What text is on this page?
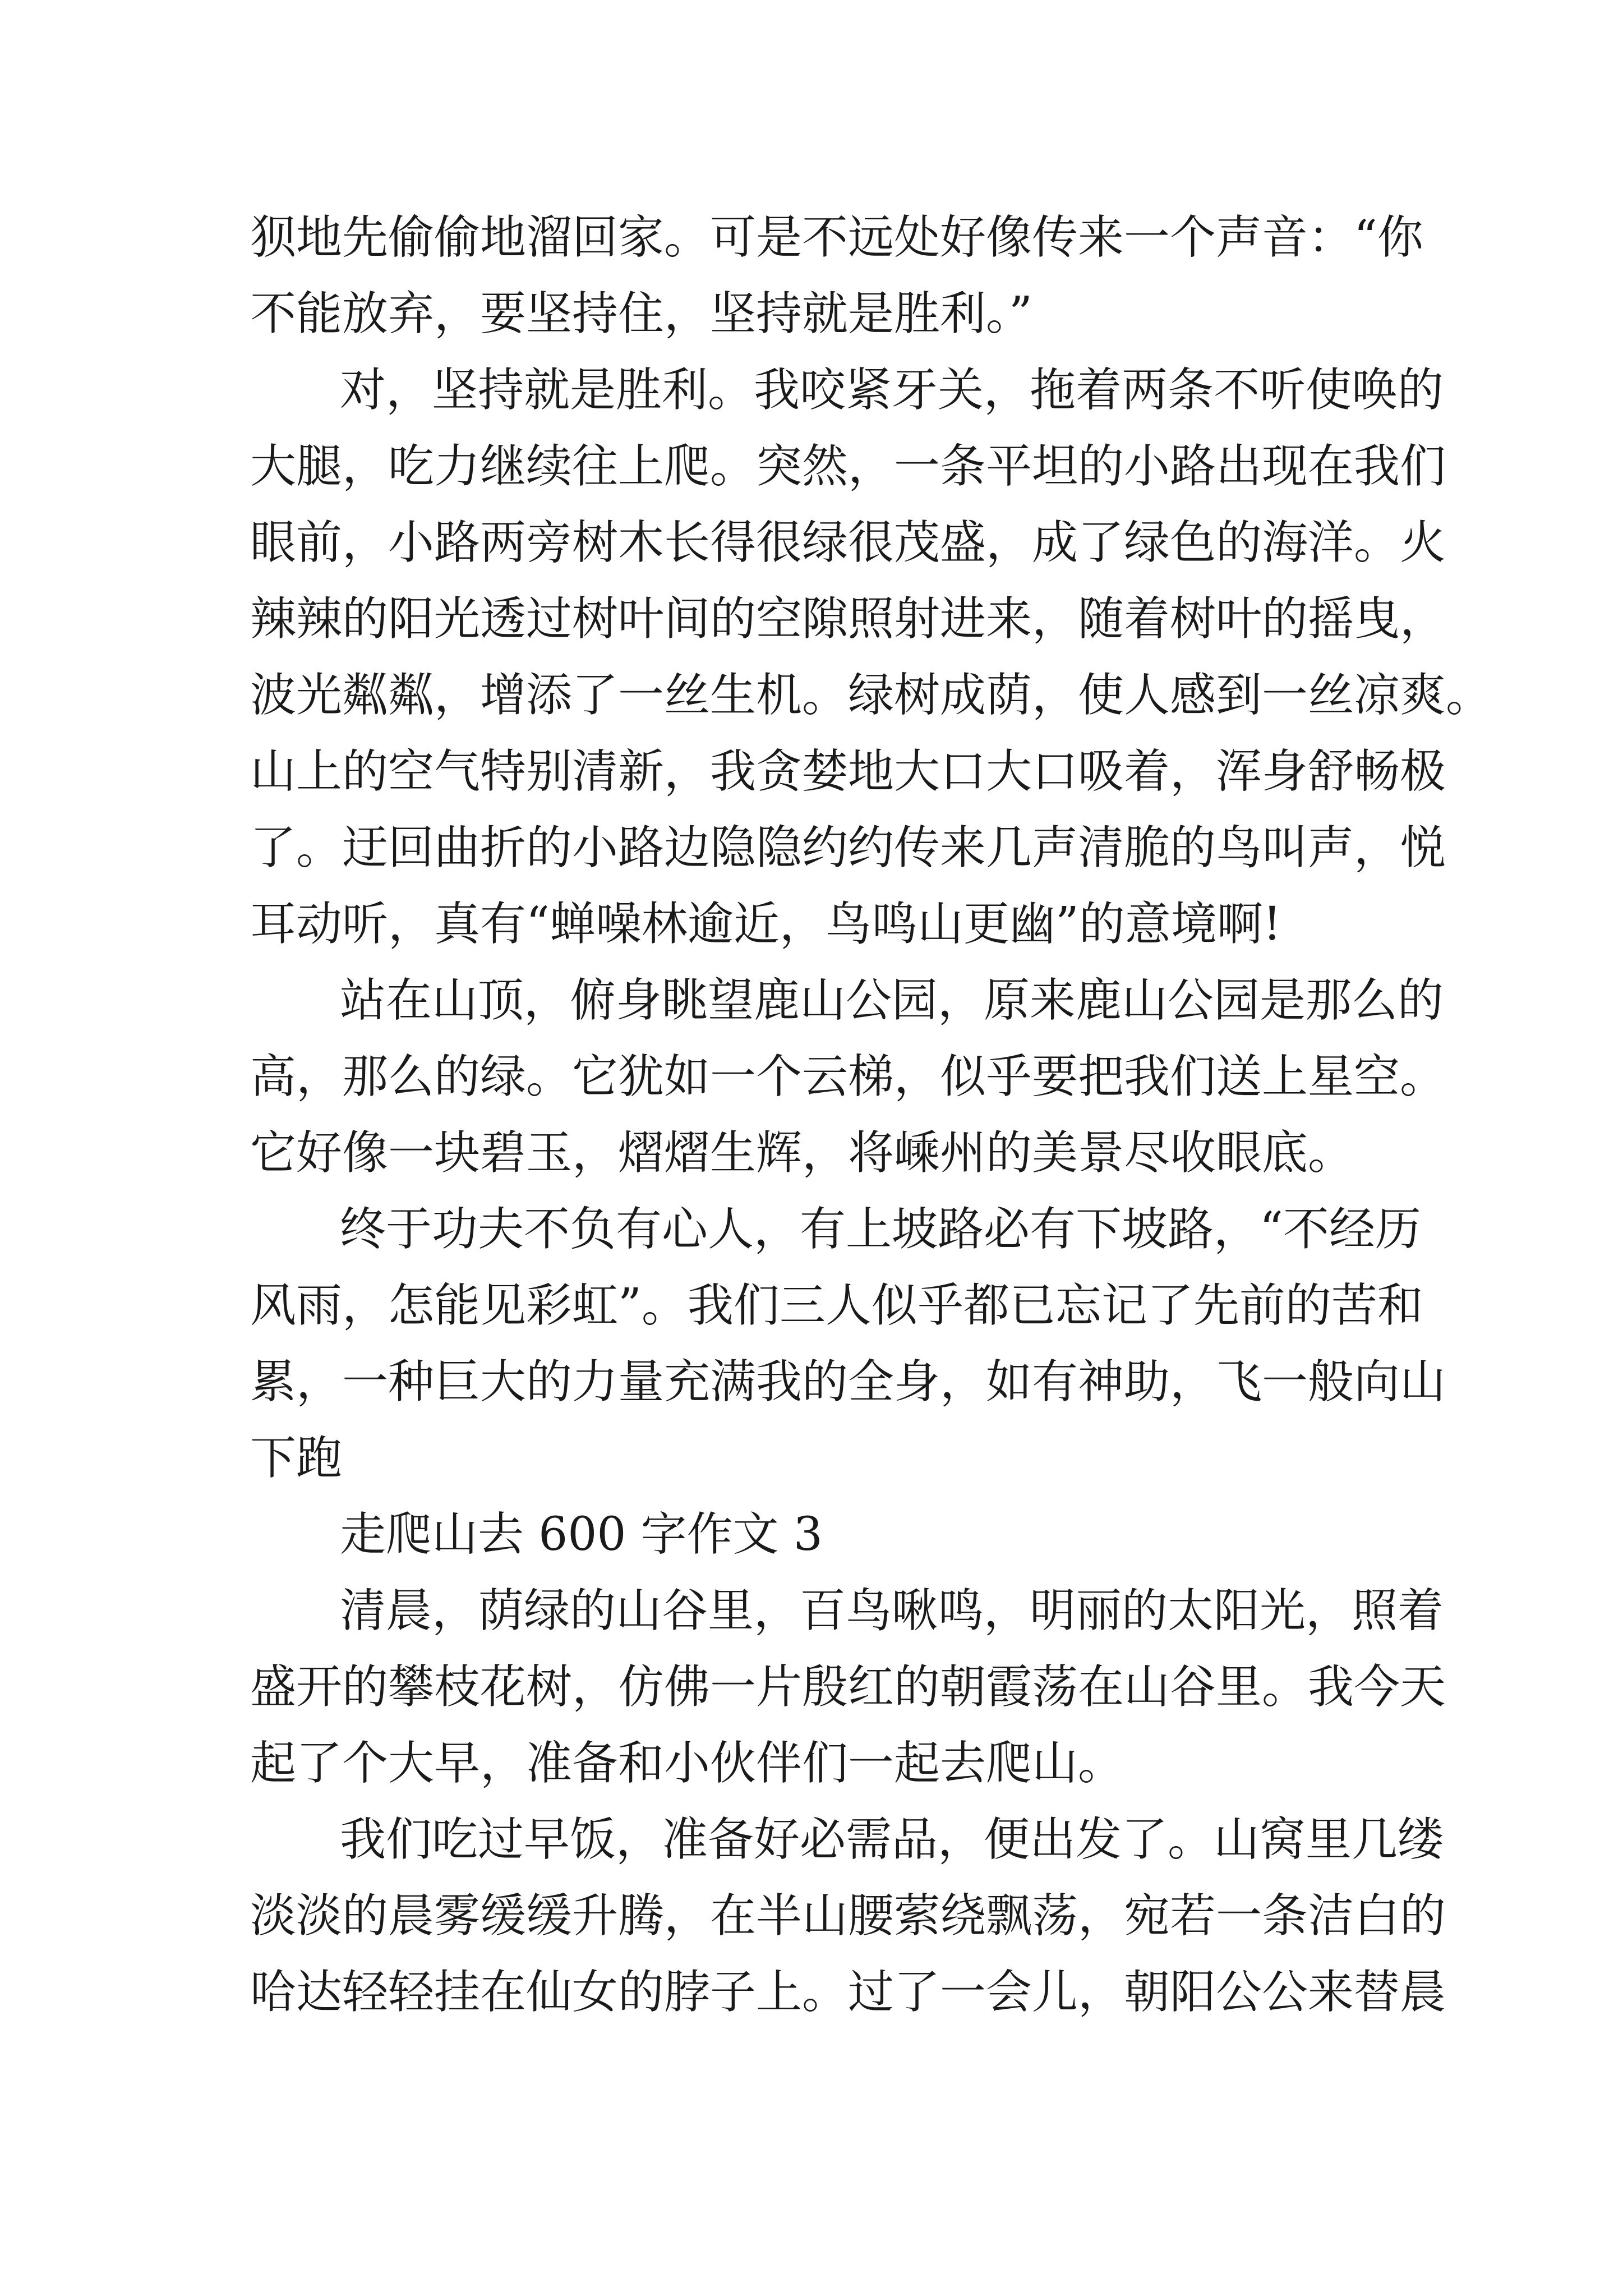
狈地先偷偷地溜回家。可是不远处好像传来一个声音：“你
不能放弃，要坚持住，坚持就是胜利。”
对，坚持就是胜利。我咬紧牙关，拖着两条不听使唤的
大腿，吃力继续往上爬。突然，一条平坦的小路出现在我们
眼前，小路两旁树木长得很绿很茂盛，成了绿色的海洋。火
辣辣的阳光透过树叶间的空隙照射进来，随着树叶的摇曳，
波光粼粼，增添了一丝生机。绿树成荫，使人感到一丝凉爽。
山上的空气特别清新，我贪婪地大口大口吸着，浑身舒畅极
了。迂回曲折的小路边隐隐约约传来几声清脆的鸟叫声，悦
耳动听，真有“蝉噪林逾近，鸟鸣山更幽”的意境啊!
站在山顶，俯身眺望鹿山公园，原来鹿山公园是那么的
高，那么的绿。它犹如一个云梯，似乎要把我们送上星空。
它好像一块碧玉，熠熠生辉，将嵊州的美景尽收眼底。
终于功夫不负有心人，有上坡路必有下坡路，“不经历
风雨，怎能见彩虹”。我们三人似乎都已忘记了先前的苦和
累，一种巨大的力量充满我的全身，如有神助，飞一般向山
下跑
走爬山去 600 字作文 3
清晨，荫绿的山谷里，百鸟啾鸣，明丽的太阳光，照着
盛开的攀枝花树，仿佛一片殷红的朝霞荡在山谷里。我今天
起了个大早，准备和小伙伴们一起去爬山。
我们吃过早饭，准备好必需品，便出发了。山窝里几缕
淡淡的晨雾缓缓升腾，在半山腰萦绕飘荡，宛若一条洁白的
哈达轻轻挂在仙女的脖子上。过了一会儿，朝阳公公来替晨
